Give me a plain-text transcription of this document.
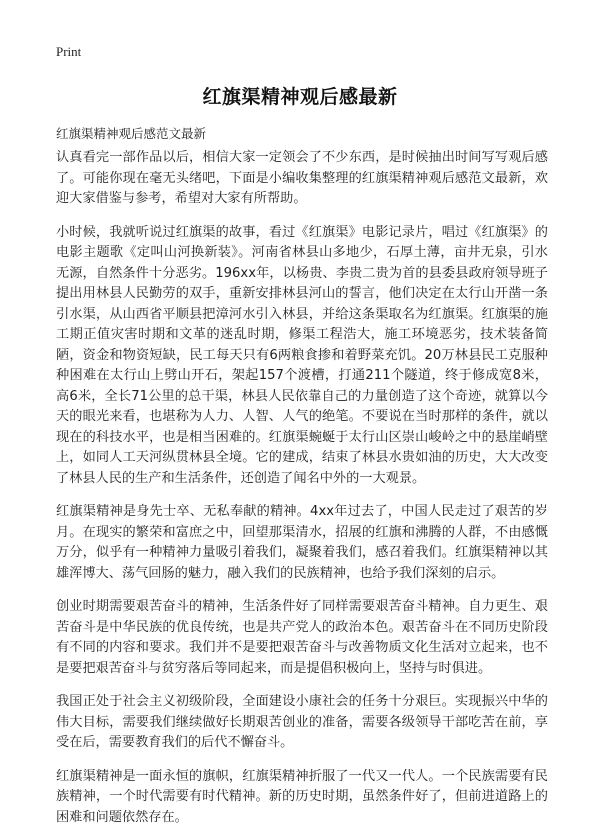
Print
红旗渠精神观后感最新

红旗渠精神观后感范文最新

认真看完一部作品以后，相信大家一定领会了不少东西，是时候抽出时间写写观后感了。可能你现在毫无头绪吧，下面是小编收集整理的红旗渠精神观后感范文最新，欢迎大家借鉴与参考，希望对大家有所帮助。

小时候，我就听说过红旗渠的故事，看过《红旗渠》电影记录片，唱过《红旗渠》的电影主题歌《定叫山河换新装》。河南省林县山多地少，石厚土薄，亩井无泉，引水无源，自然条件十分恶劣。196xx年，以杨贵、李贵二贵为首的县委县政府领导班子提出用林县人民勤劳的双手，重新安排林县河山的誓言，他们决定在太行山开凿一条引水渠，从山西省平顺县把漳河水引入林县，并给这条渠取名为红旗渠。红旗渠的施工期正值灾害时期和文革的迷乱时期，修渠工程浩大，施工环境恶劣，技术装备简陋，资金和物资短缺，民工每天只有6两粮食掺和着野菜充饥。20万林县民工克服种种困难在太行山上劈山开石，架起157个渡槽，打通211个隧道，终于修成宽8米，高6米，全长71公里的总干渠，林县人民依靠自己的力量创造了这个奇迹，就算以今天的眼光来看，也堪称为人力、人智、人气的绝笔。不要说在当时那样的条件，就以现在的科技水平，也是相当困难的。红旗渠蜿蜒于太行山区崇山峻岭之中的悬崖峭壁上，如同人工天河纵贯林县全境。它的建成，结束了林县水贵如油的历史，大大改变了林县人民的生产和生活条件，还创造了闻名中外的一大观景。

红旗渠精神是身先士卒、无私奉献的精神。4xx年过去了，中国人民走过了艰苦的岁月。在现实的繁荣和富庶之中，回望那渠清水，招展的红旗和沸腾的人群，不由感慨万分，似乎有一种精神力量吸引着我们，凝聚着我们，感召着我们。红旗渠精神以其雄浑博大、荡气回肠的魅力，融入我们的民族精神，也给予我们深刻的启示。

创业时期需要艰苦奋斗的精神，生活条件好了同样需要艰苦奋斗精神。自力更生、艰苦奋斗是中华民族的优良传统，也是共产党人的政治本色。艰苦奋斗在不同历史阶段有不同的内容和要求。我们并不是要把艰苦奋斗与改善物质文化生活对立起来，也不是要把艰苦奋斗与贫穷落后等同起来，而是提倡积极向上，坚持与时俱进。

我国正处于社会主义初级阶段，全面建设小康社会的任务十分艰巨。实现振兴中华的伟大目标，需要我们继续做好长期艰苦创业的准备，需要各级领导干部吃苦在前，享受在后，需要教育我们的后代不懈奋斗。

红旗渠精神是一面永恒的旗帜，红旗渠精神折服了一代又一代人。一个民族需要有民族精神，一个时代需要有时代精神。新的历史时期，虽然条件好了，但前进道路上的困难和问题依然存在。
